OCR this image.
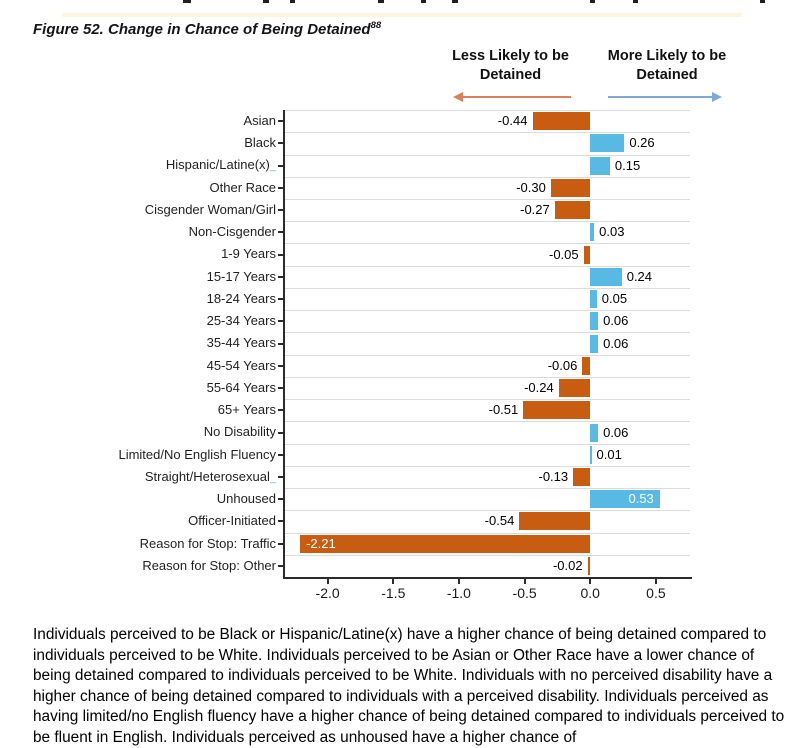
Figure 52. Change in Chance of Being Detained$^{88}$
Less Likely to be Detained
More Likely to be Detained
Asian	-0.44
Black	0.26
Hispanic/Latine(x)_	0.15
Other Race	-0.30
Cisgender Woman/Girl	-0.27
Non-Cisgender	0.03
1-9 Years	-0.05
15-17 Years	0.24
18-24 Years	0.05
25-34 Years	0.06
35-44 Years	0.06
45-54 Years	-0.06
55-64 Years	-0.24
65+ Years	-0.51
No Disability	0.06
Limited/No English Fluency	0.01
Straight/Heterosexual_	-0.13
Unhoused	0.53
Officer-Initiated	-0.54
Reason for Stop: Traffic -2.21
Reason for Stop: Other	-0.02
-2.0	-1.5	-1.0	-0.5	0.0	0.5
Individuals perceived to be Black or Hispanic/Latine(x) have a higher chance of being detained compared to individuals perceived to be White. Individuals perceived to be Asian or Other Race have a lower chance of being detained compared to individuals perceived to be White. Individuals with no perceived disability have a higher chance of being detained compared to individuals with a perceived disability. Individuals perceived as having limited/no English fluency have a higher chance of being detained compared to individuals perceived to be fluent in English. Individuals perceived as unhoused have a higher chance of
